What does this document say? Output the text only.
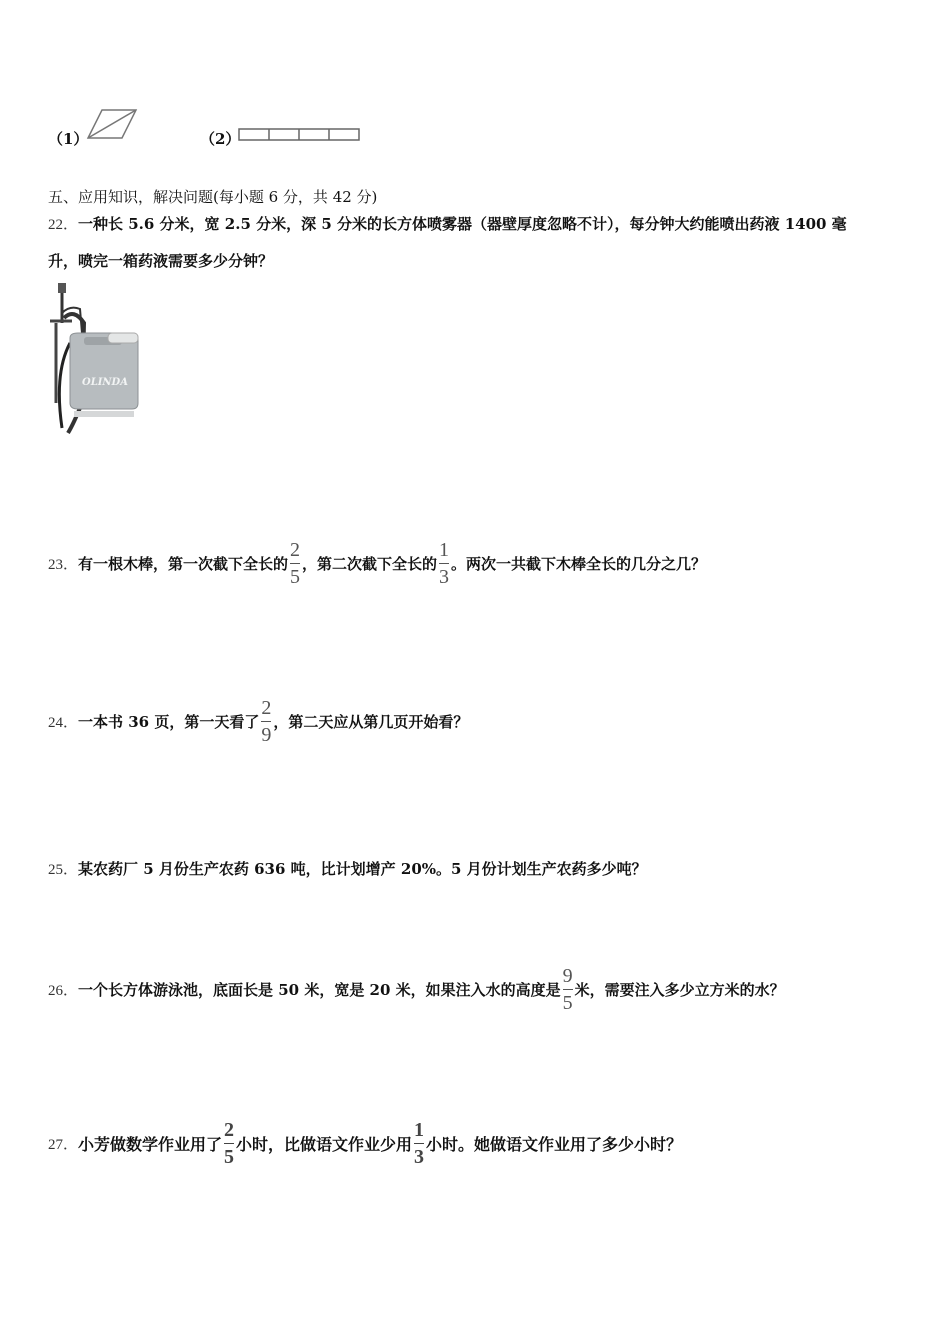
（1）	（2）
五、应用知识，解决问题(每小题 6 分，共 42 分)
22．一种长 5.6 分米，宽 2.5 分米，深 5 分米的长方体喷雾器（器壁厚度忽略不计），每分钟大约能喷出药液 1400 毫
升，喷完一箱药液需要多少分钟？
OLINDA
23． 有一根木棒，第一次截下全长的 $\frac{2}{5}$ ，第二次截下全长的 $\frac{1}{3}$ 。两次一共截下木棒全长的几分之几？
24． 一本书 36 页，第一天看了 $\frac{2}{9}$ ，第二天应从第几页开始看？
25．某农药厂 5 月份生产农药 636 吨，比计划增产 20%。5 月份计划生产农药多少吨？
26． 一个长方体游泳池，底面长是 50 米，宽是 20 米，如果注入水的高度是 $\frac{9}{5}$ 米，需要注入多少立方米的水？
27． 小芳做数学作业用了 $\frac{2}{5}$ 小时，比做语文作业少用 $\frac{1}{3}$ 小时。她做语文作业用了多少小时？
